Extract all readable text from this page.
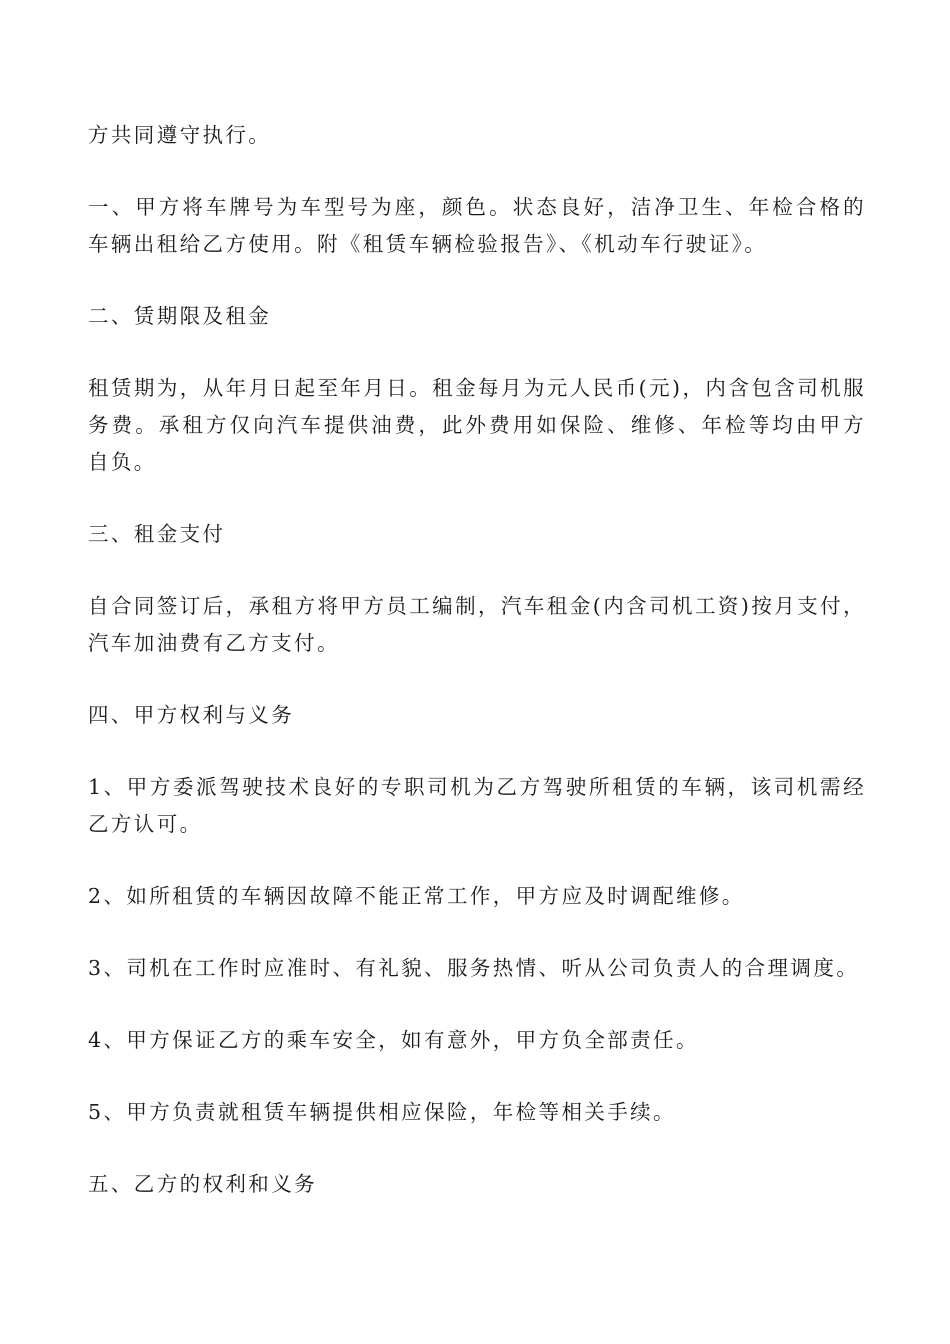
方共同遵守执行。

一、甲方将车牌号为车型号为座，颜色。状态良好，洁净卫生、年检合格的车辆出租给乙方使用。附《租赁车辆检验报告》、《机动车行驶证》。

二、赁期限及租金

租赁期为，从年月日起至年月日。租金每月为元人民币(元)，内含包含司机服务费。承租方仅向汽车提供油费，此外费用如保险、维修、年检等均由甲方自负。

三、租金支付

自合同签订后，承租方将甲方员工编制，汽车租金(内含司机工资)按月支付，汽车加油费有乙方支付。

四、甲方权利与义务

1、甲方委派驾驶技术良好的专职司机为乙方驾驶所租赁的车辆，该司机需经乙方认可。

2、如所租赁的车辆因故障不能正常工作，甲方应及时调配维修。

3、司机在工作时应准时、有礼貌、服务热情、听从公司负责人的合理调度。

4、甲方保证乙方的乘车安全，如有意外，甲方负全部责任。

5、甲方负责就租赁车辆提供相应保险，年检等相关手续。

五、乙方的权利和义务
